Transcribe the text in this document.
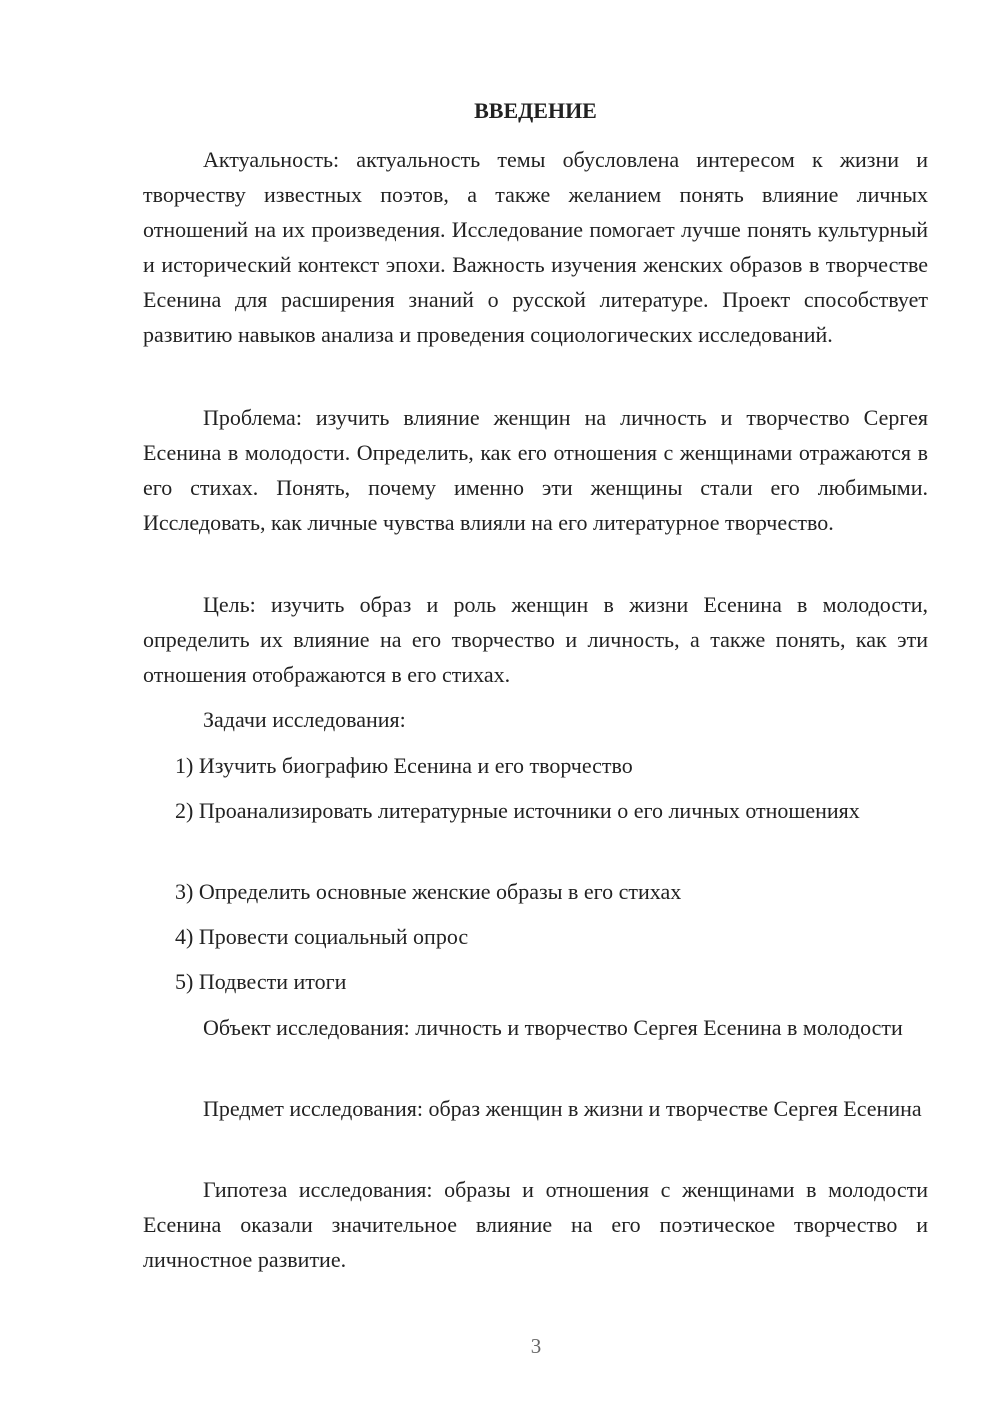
ВВЕДЕНИЕ

Актуальность: актуальность темы обусловлена интересом к жизни и творчеству известных поэтов, а также желанием понять влияние личных отношений на их произведения. Исследование помогает лучше понять культурный и исторический контекст эпохи. Важность изучения женских образов в творчестве Есенина для расширения знаний о русской литературе. Проект способствует развитию навыков анализа и проведения социологических исследований.

Проблема: изучить влияние женщин на личность и творчество Сергея Есенина в молодости. Определить, как его отношения с женщинами отражаются в его стихах. Понять, почему именно эти женщины стали его любимыми. Исследовать, как личные чувства влияли на его литературное творчество.

Цель: изучить образ и роль женщин в жизни Есенина в молодости, определить их влияние на его творчество и личность, а также понять, как эти отношения отображаются в его стихах.

Задачи исследования:

1) Изучить биографию Есенина и его творчество

2) Проанализировать литературные источники о его личных отношениях

3) Определить основные женские образы в его стихах

4) Провести социальный опрос

5) Подвести итоги

Объект исследования: личность и творчество Сергея Есенина в молодости

Предмет исследования: образ женщин в жизни и творчестве Сергея Есенина

Гипотеза исследования: образы и отношения с женщинами в молодости Есенина оказали значительное влияние на его поэтическое творчество и личностное развитие.

3
